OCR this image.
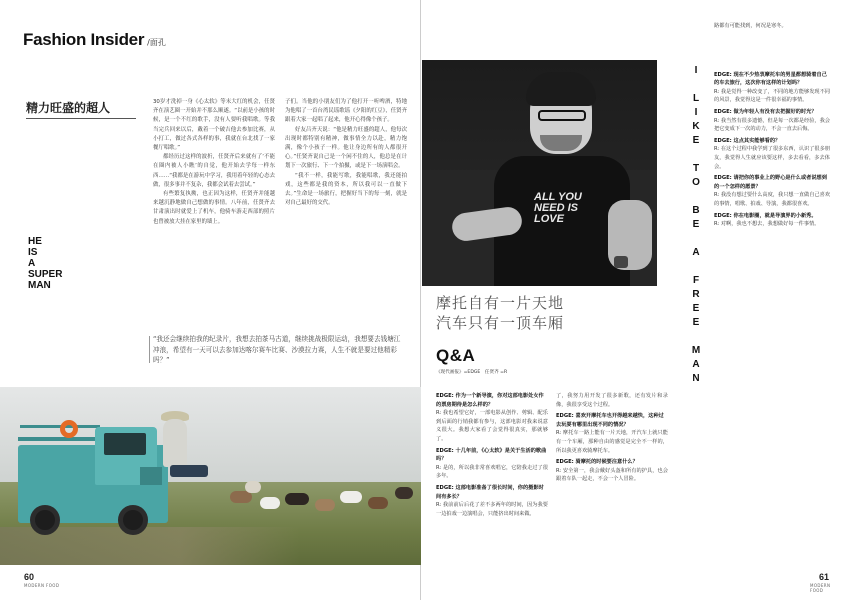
Fashion Insider /面孔
精力旺盛的超人
HE
IS
A
SUPER
MAN

30岁才洗掉一身《心太软》等末大红的机会，任贤齐在演艺圈一开始并不那么顺遂。“以前是小孩的时候，是一个不红的歌手，没有人要听我唱歌。等我当完兵回来以后，戴着一个破吉他去参加比赛，从小打工，做过各式各样的事，我就在台北找了一家餐厅唱歌。”

都经历过这样的波折，任贤齐后来就有了‘不能在圈内被人小瞧’的自觉，他开始去学每一样东西……“我都是在游玩中学习，我用着年轻的心态去做，很多事并不复杂，我都会试着去尝试。”

有些繁复执拗，也正因为这样，任贤齐并能越来越沉静地做自己想做的事情。八年前，任贤齐去甘肃演出时就爱上了机车，他骑车游走西部的照片也曾被放大挂在家里的墙上。

子们。当他的小朋友们为了他打开一听啤酒，特地为他唱了一首台湾民谣歌谣《夕阳的红豆》，任贤齐跟着大家一起唱了起来，他开心得像个孩子。

好友吕齐天说：“他是精力旺盛的超人，他每次出现时都特别有精神，做事情全力以赴，精力饱满，像个小孩子一样。他让身边所有的人都很开心。”任贤齐说自己是一个闲不住的人，他总是在计划下一次旅行、下一个拍摄，或是下一场演唱会。

“我不一样，我能写歌，我能唱歌，我还能拍戏，这些都是我的资本，所以我可以一直做下去。”生命是一场旅行，把握好当下的每一刻，就是对自己最好的交代。

“我还会继续拍我的纪录片，我想去拍茶马古道，继续挑战极限运动，我想要去钱塘江冲浪，希望有一天可以去参加达喀尔赛车比赛、沙漠拉力赛，人生不就是要过他精彩吗？”
60
MODERN FOOD
ALL YOU NEED IS LOVE
I
L
I
K
E
T
O
B
E
A
F
R
E
E
M
A
N
摩托自有一片天地
汽车只有一顶车厢
Q&A
《现代画报》=EDGE　任贤齐 =R
EDGE: 作为一个新导演，你对这部电影处女作的票房期待是怎么样的？
R: 我也希望它好，一部电影从创作、剪辑、配乐到后面的行销我都有参与，这部电影对我来说意义很大。我想大家看了会觉得很真实，那就够了。
EDGE: 十几年前，《心太软》是关于生活的歌曲吗？
R: 是的，所以我非常喜欢唱它，它陪我走过了很多年。
EDGE: 这部电影准备了很长时间，你的摄影时间有多长？
R: 我前前后后花了差不多两年的时间，因为我要一边拍戏一边演唱会，只能挤出时间来做。
了，我努力用开发了很多新歌，还有发片和录像，我很享受这个过程。
EDGE: 喜欢开摩托车也开得越来越快，这种过去玩耍有哪里出现不同的情况？
R: 摩托车一路上能有一片天地，开汽车上就只能有一个车厢，那种自由的感觉是完全不一样的，所以我更喜欢骑摩托车。
EDGE: 骑摩托的时候要注意什么？
R: 安全第一，我会戴好头盔和所有的护具，也会跟着车队一起走，不会一个人冒险。
路都有可能找到，何况是寒冬。
EDGE: 现在不少热衷摩托车的男星都想骑着自己的车去旅行，这次你有这样的计划吗？
R: 我是觉得一种改变了，不同的地方能够发现不同的风景，我觉得这是一件很幸福的事情。
EDGE: 做为年轻人有没有去把握好的时光？
R: 我当然有很多遗憾，但是每一次都是经验，我会把它变成下一次的动力，不会一直去后悔。
EDGE: 这点其实能够看的？
R: 在这个过程中我学到了很多东西，认识了很多朋友，我觉得人生就应该要这样，多去看看，多去体会。
EDGE: 请把你的事业上的野心是什么或者说想到的一个怎样的愿景？
R: 我没有想过要什么高度，我只想一直做自己喜欢的事情，唱歌、拍戏、导演，我都很喜欢。
EDGE: 你在电影圈，就是导演界的小新秀。
R: 对啊，我也不想去，我想做好每一件事情。
61
MODERN FOOD
